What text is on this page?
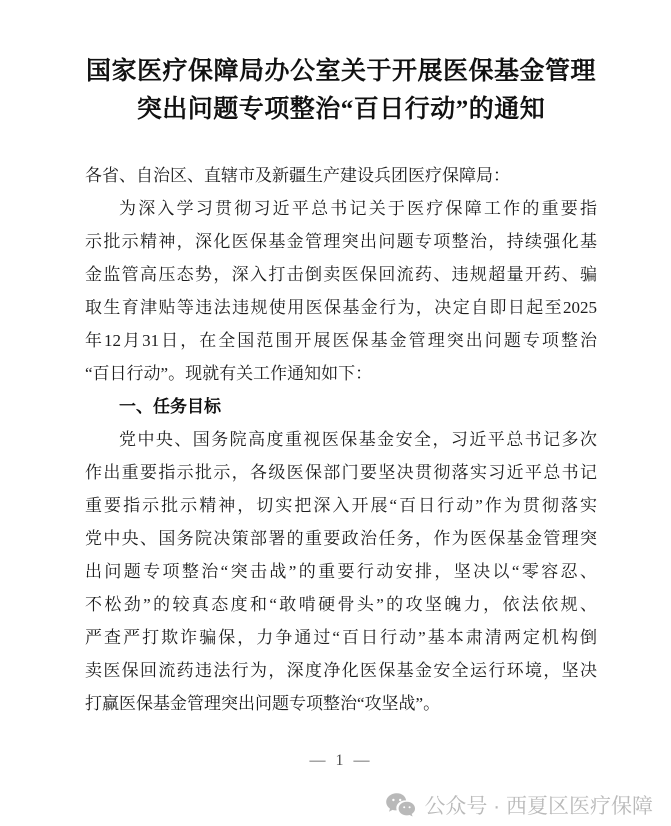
国家医疗保障局办公室关于开展医保基金管理
突出问题专项整治“百日行动”的通知
各省、自治区、直辖市及新疆生产建设兵团医疗保障局：
为深入学习贯彻习近平总书记关于医疗保障工作的重要指
示批示精神，深化医保基金管理突出问题专项整治，持续强化基
金监管高压态势，深入打击倒卖医保回流药、违规超量开药、骗
取生育津贴等违法违规使用医保基金行为，决定自即日起至2025
年12月31日，在全国范围开展医保基金管理突出问题专项整治
“百日行动”。现就有关工作通知如下：
一、任务目标
党中央、国务院高度重视医保基金安全，习近平总书记多次
作出重要指示批示，各级医保部门要坚决贯彻落实习近平总书记
重要指示批示精神，切实把深入开展“百日行动”作为贯彻落实
党中央、国务院决策部署的重要政治任务，作为医保基金管理突
出问题专项整治“突击战”的重要行动安排，坚决以“零容忍、
不松劲”的较真态度和“敢啃硬骨头”的攻坚魄力，依法依规、
严查严打欺诈骗保，力争通过“百日行动”基本肃清两定机构倒
卖医保回流药违法行为，深度净化医保基金安全运行环境，坚决
打赢医保基金管理突出问题专项整治“攻坚战”。
— 1 —
公众号 · 西夏区医疗保障
